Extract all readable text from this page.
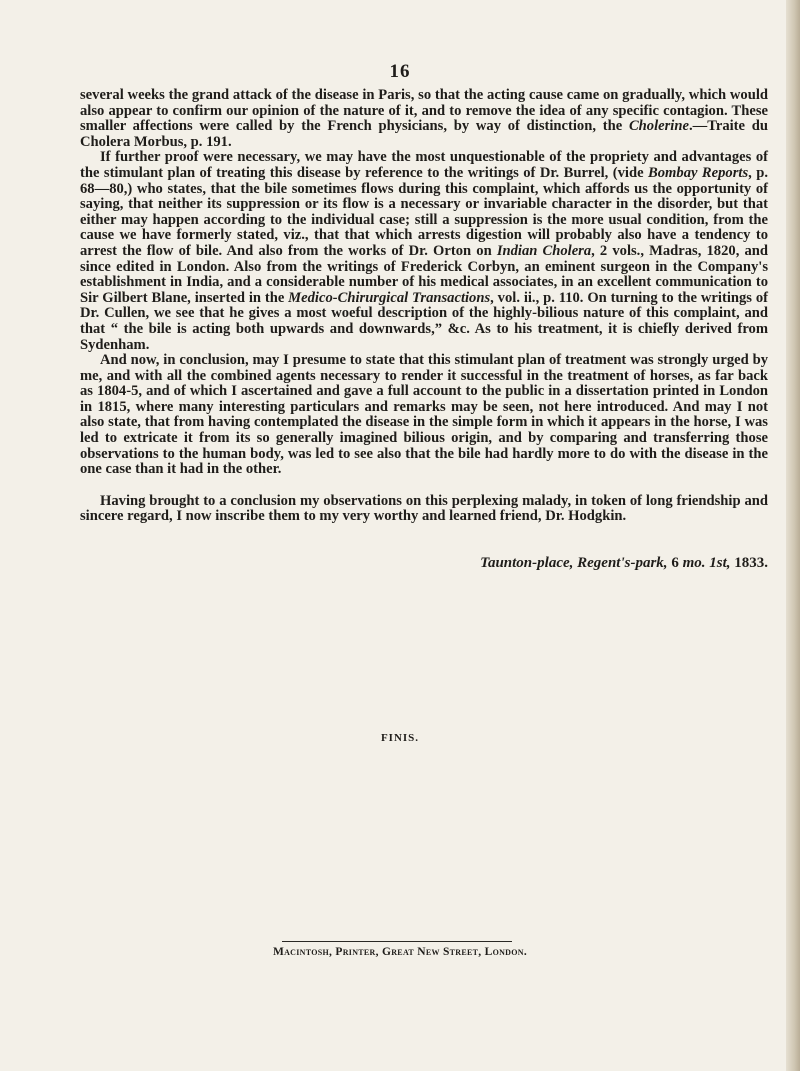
16

several weeks the grand attack of the disease in Paris, so that the acting cause came on gradually, which would also appear to confirm our opinion of the nature of it, and to remove the idea of any specific contagion. These smaller affections were called by the French physicians, by way of distinction, the Cholerine.—Traite du Cholera Morbus, p. 191.

If further proof were necessary, we may have the most unquestionable of the propriety and advantages of the stimulant plan of treating this disease by reference to the writings of Dr. Burrel, (vide Bombay Reports, p. 68—80,) who states, that the bile sometimes flows during this complaint, which affords us the opportunity of saying, that neither its suppression or its flow is a necessary or invariable character in the disorder, but that either may happen according to the individual case; still a suppression is the more usual condition, from the cause we have formerly stated, viz., that that which arrests digestion will probably also have a tendency to arrest the flow of bile. And also from the works of Dr. Orton on Indian Cholera, 2 vols., Madras, 1820, and since edited in London. Also from the writings of Frederick Corbyn, an eminent surgeon in the Company's establishment in India, and a considerable number of his medical associates, in an excellent communication to Sir Gilbert Blane, inserted in the Medico-Chirurgical Transactions, vol. ii., p. 110. On turning to the writings of Dr. Cullen, we see that he gives a most woeful description of the highly-bilious nature of this complaint, and that “ the bile is acting both upwards and downwards,” &c. As to his treatment, it is chiefly derived from Sydenham.

And now, in conclusion, may I presume to state that this stimulant plan of treatment was strongly urged by me, and with all the combined agents necessary to render it successful in the treatment of horses, as far back as 1804-5, and of which I ascertained and gave a full account to the public in a dissertation printed in London in 1815, where many interesting particulars and remarks may be seen, not here introduced. And may I not also state, that from having contemplated the disease in the simple form in which it appears in the horse, I was led to extricate it from its so generally imagined bilious origin, and by comparing and transferring those observations to the human body, was led to see also that the bile had hardly more to do with the disease in the one case than it had in the other.

Having brought to a conclusion my observations on this perplexing malady, in token of long friendship and sincere regard, I now inscribe them to my very worthy and learned friend, Dr. Hodgkin.

Taunton-place, Regent's-park, 6 mo. 1st, 1833.
FINIS.
Macintosh, Printer, Great New Street, London.
